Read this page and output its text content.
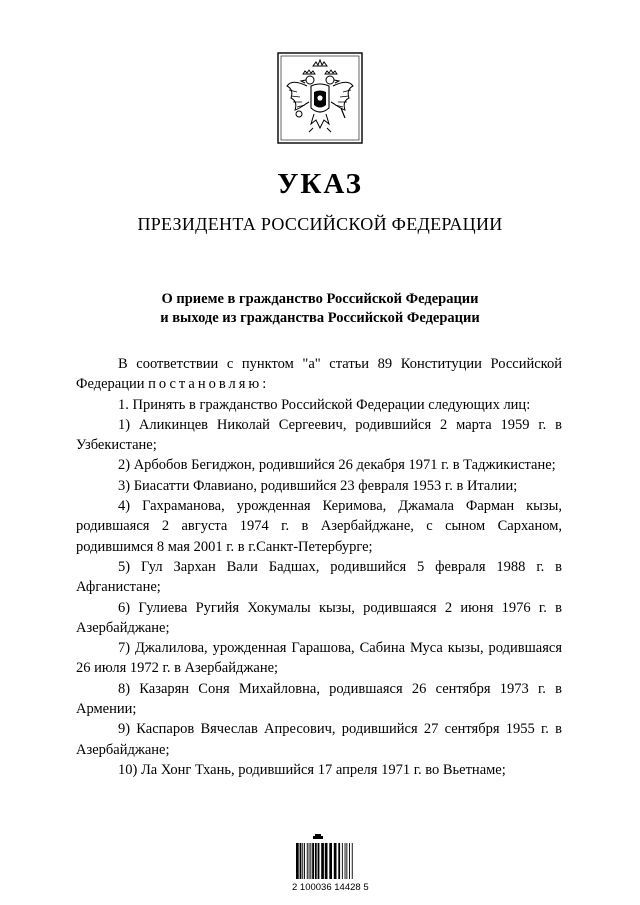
УКАЗ
ПРЕЗИДЕНТА РОССИЙСКОЙ ФЕДЕРАЦИИ
О приеме в гражданство Российской Федерации
и выходе из гражданства Российской Федерации
В соответствии с пунктом "а" статьи 89 Конституции Российской Федерации постановляю:
1. Принять в гражданство Российской Федерации следующих лиц:
1) Аликинцев Николай Сергеевич, родившийся 2 марта 1959 г. в Узбекистане;
2) Арбобов Бегиджон, родившийся 26 декабря 1971 г. в Таджикистане;
3) Биасатти Флавиано, родившийся 23 февраля 1953 г. в Италии;
4) Гахраманова, урожденная Керимова, Джамала Фарман кызы, родившаяся 2 августа 1974 г. в Азербайджане, с сыном Сарханом, родившимся 8 мая 2001 г. в г.Санкт-Петербурге;
5) Гул Зархан Вали Бадшах, родившийся 5 февраля 1988 г. в Афганистане;
6) Гулиева Ругийя Хокумалы кызы, родившаяся 2 июня 1976 г. в Азербайджане;
7) Джалилова, урожденная Гарашова, Сабина Муса кызы, родившаяся 26 июля 1972 г. в Азербайджане;
8) Казарян Соня Михайловна, родившаяся 26 сентября 1973 г. в Армении;
9) Каспаров Вячеслав Апресович, родившийся 27 сентября 1955 г. в Азербайджане;
10) Ла Хонг Тхань, родившийся 17 апреля 1971 г. во Вьетнаме;
2 100036 14428 5
